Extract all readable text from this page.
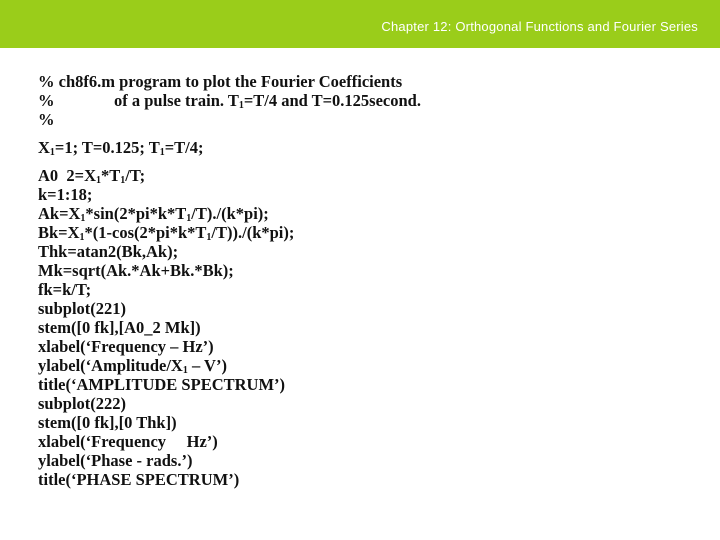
Chapter 12: Orthogonal Functions and Fourier Series
% ch8f6.m program to plot the Fourier Coefficients
%	of a pulse train. $T_1=T/4$ and T=0.125second.
%
$X_1=1$; T=0.125; $T_1=T/4$;
A0  $2=X_1*T_1/T$;
k=1:18;
$Ak=X_1*\sin(2*pi*k*T_1/T)./(k*pi)$;
$Bk=X_1*(1-\cos(2*pi*k*T_1/T))./(k*pi)$;
Thk=atan2(Bk,Ak);
Mk=sqrt(Ak.*Ak+Bk.*Bk);
fk=k/T;
subplot(221)
stem([0 fk],[A0_2 Mk])
xlabel(‘Frequency – Hz’)
$ylabel(‘Amplitude/X_1$ – V’)
title(‘AMPLITUDE SPECTRUM’)
subplot(222)
stem([0 fk],[0 Thk])
xlabel(‘Frequency     Hz’)
ylabel(‘Phase - rads.’)
title(‘PHASE SPECTRUM’)
